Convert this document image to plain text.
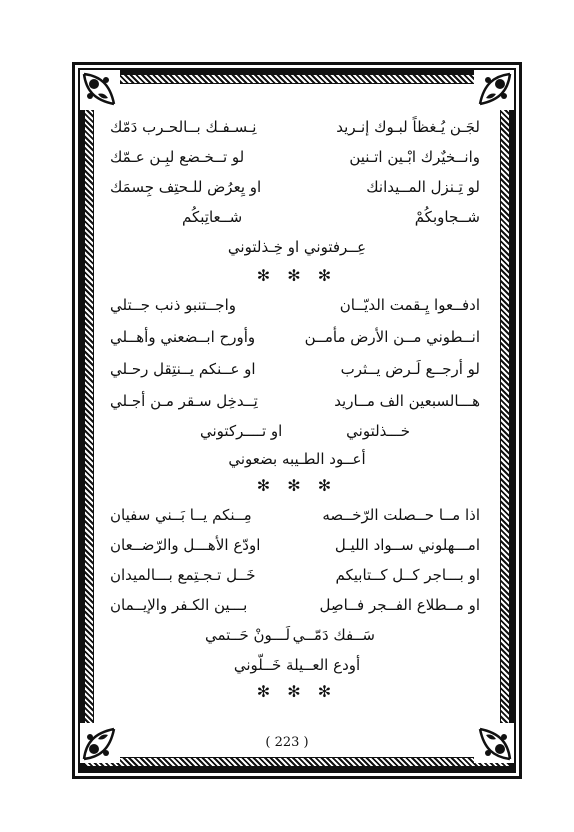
لجَـن يُـغظاً لبـوك إنـريد
نِـسـفـك بــالحـرب دَمّك
وانــخيٌرك ابْـين اتـنين
لو تــخـضع لبِـن عـمّك
لو تِـنزل المــيدانك
او يِعرُض للـحتِف جِسمَك
شــجاوبكُمْ
شــعاتِبكُم
عِــرفتوني او خِـذلتوني
✻ ✻ ✻
ادفــعوا يِـقمت الديّــان
واجــتنبو ذنب جــتلي
انــطوني مــن الأرض مأمــن
وأورح ابــضعني وأهــلي
لو أرجــع لَـرض يــثرب
او عــنكم يــنتِقل رحـلي
هـــالسبعين الف مــاريد
تِــدخِل سـقر مـن أجـلي
خـــذلتوني
او تــــركتوني
أعــود الطـيبه بضعوني
✻ ✻ ✻
اذا مــا حــصلت الرّخــصه
مِــنكم يــا بَــني سفيان
امـــهلوني ســواد الليـل
اودّع الأهـــل والرّضــعان
او بـــاجر كــل كــتابيكم
خَــل تـجـتِمع بـــالميدان
او مــطلاع الفــجر فــاصِل
بـــين الكـفر والإيــمان
سَــفك دَمّــي
لَـــونْ حَــتمي
أودع العــيلة خَــلّوني
✻ ✻ ✻
( 223 )
